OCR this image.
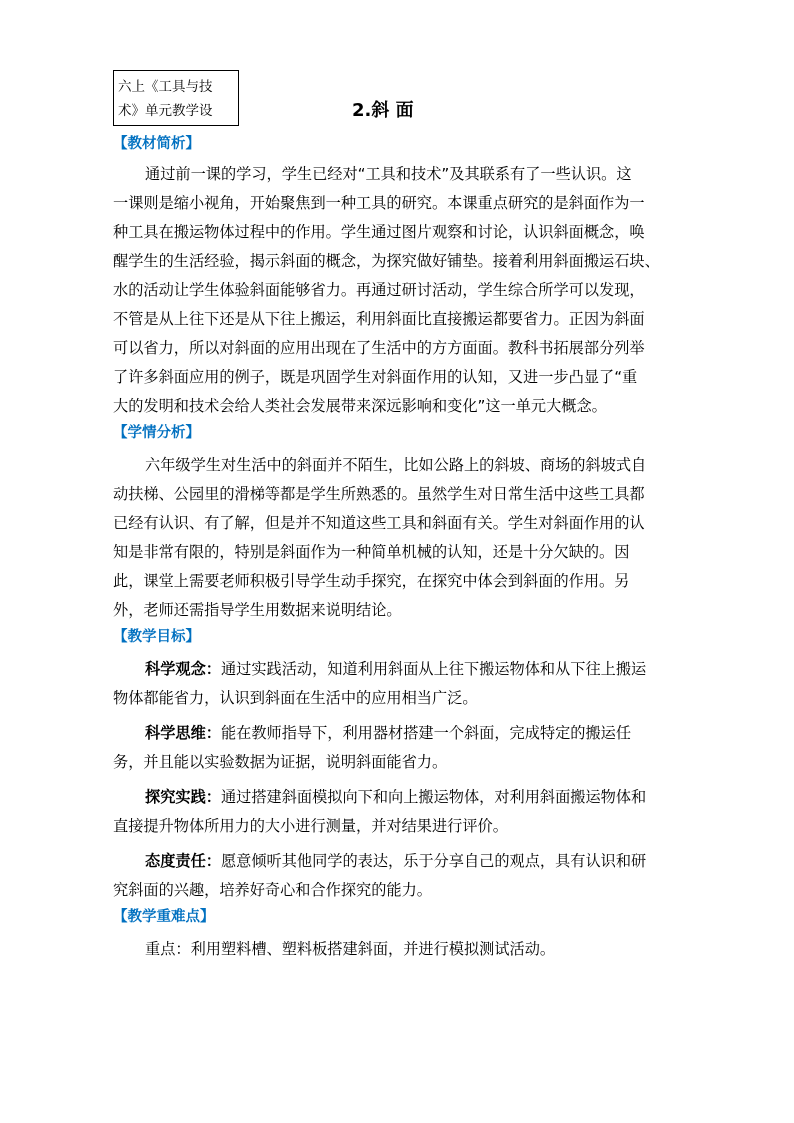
六上《工具与技
术》单元教学设	2.斜 面
【教材简析】
通过前一课的学习，学生已经对“工具和技术”及其联系有了一些认识。这
一课则是缩小视角，开始聚焦到一种工具的研究。本课重点研究的是斜面作为一
种工具在搬运物体过程中的作用。学生通过图片观察和讨论，认识斜面概念，唤
醒学生的生活经验，揭示斜面的概念，为探究做好铺垫。接着利用斜面搬运石块、
水的活动让学生体验斜面能够省力。再通过研讨活动，学生综合所学可以发现，
不管是从上往下还是从下往上搬运，利用斜面比直接搬运都要省力。正因为斜面
可以省力，所以对斜面的应用出现在了生活中的方方面面。教科书拓展部分列举
了许多斜面应用的例子，既是巩固学生对斜面作用的认知，又进一步凸显了“重
大的发明和技术会给人类社会发展带来深远影响和变化”这一单元大概念。
【学情分析】
六年级学生对生活中的斜面并不陌生，比如公路上的斜坡、商场的斜坡式自
动扶梯、公园里的滑梯等都是学生所熟悉的。虽然学生对日常生活中这些工具都
已经有认识、有了解，但是并不知道这些工具和斜面有关。学生对斜面作用的认
知是非常有限的，特别是斜面作为一种简单机械的认知，还是十分欠缺的。因
此，课堂上需要老师积极引导学生动手探究，在探究中体会到斜面的作用。另
外，老师还需指导学生用数据来说明结论。
【教学目标】
科学观念：通过实践活动，知道利用斜面从上往下搬运物体和从下往上搬运
物体都能省力，认识到斜面在生活中的应用相当广泛。
科学思维：能在教师指导下，利用器材搭建一个斜面，完成特定的搬运任
务，并且能以实验数据为证据，说明斜面能省力。
探究实践：通过搭建斜面模拟向下和向上搬运物体，对利用斜面搬运物体和
直接提升物体所用力的大小进行测量，并对结果进行评价。
态度责任：愿意倾听其他同学的表达，乐于分享自己的观点，具有认识和研
究斜面的兴趣，培养好奇心和合作探究的能力。
【教学重难点】
重点：利用塑料槽、塑料板搭建斜面，并进行模拟测试活动。
